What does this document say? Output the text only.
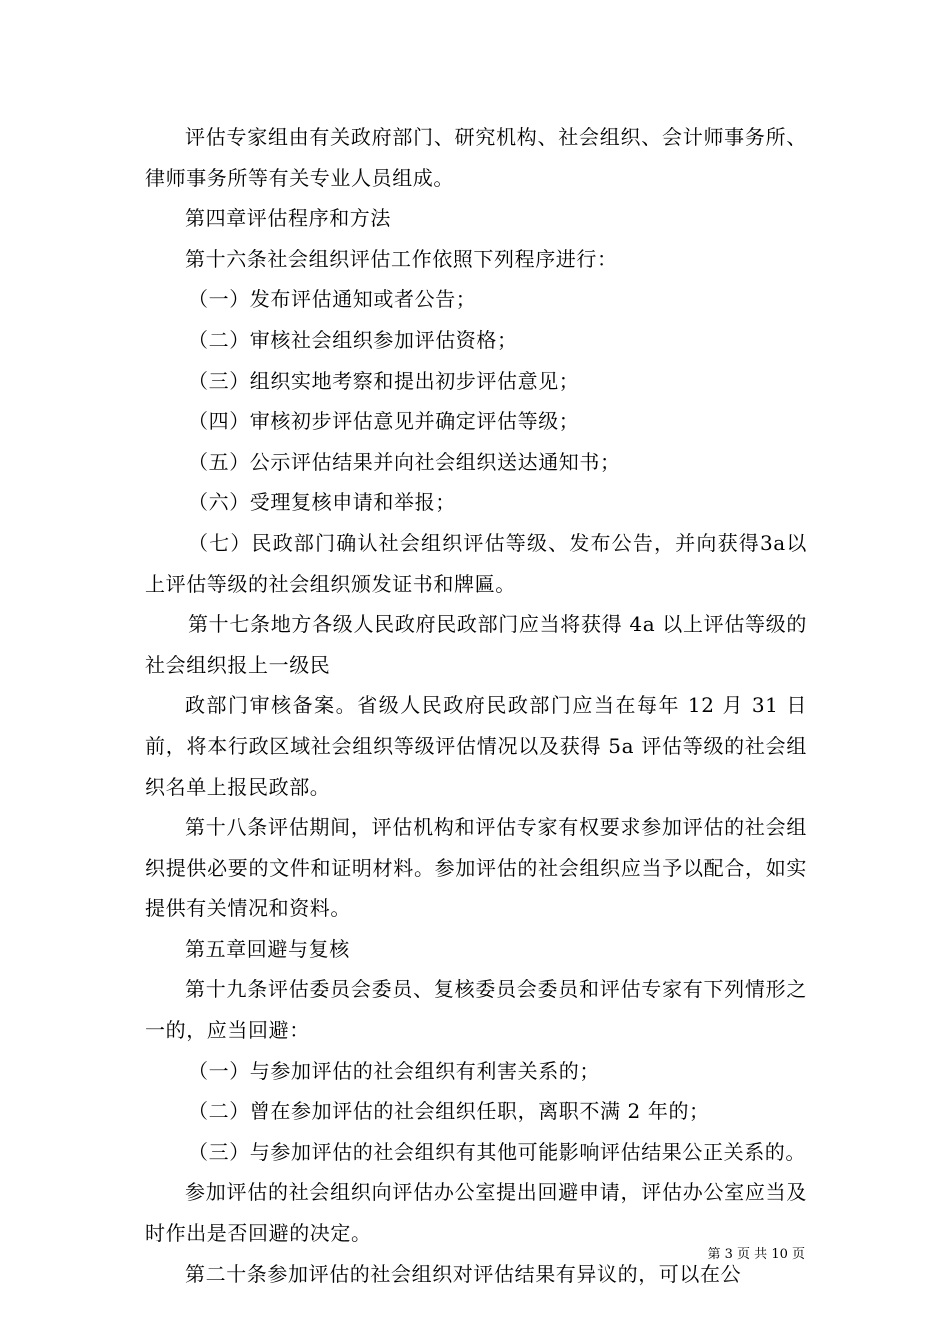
评估专家组由有关政府部门、研究机构、社会组织、会计师事务所、律师事务所等有关专业人员组成。

第四章评估程序和方法

第十六条社会组织评估工作依照下列程序进行：

（一）发布评估通知或者公告；

（二）审核社会组织参加评估资格；

（三）组织实地考察和提出初步评估意见；

（四）审核初步评估意见并确定评估等级；

（五）公示评估结果并向社会组织送达通知书；

（六）受理复核申请和举报；

（七）民政部门确认社会组织评估等级、发布公告，并向获得3a以上评估等级的社会组织颁发证书和牌匾。

第十七条地方各级人民政府民政部门应当将获得 4a 以上评估等级的社会组织报上一级民

政部门审核备案。省级人民政府民政部门应当在每年 12 月 31 日前，将本行政区域社会组织等级评估情况以及获得 5a 评估等级的社会组织名单上报民政部。

第十八条评估期间，评估机构和评估专家有权要求参加评估的社会组织提供必要的文件和证明材料。参加评估的社会组织应当予以配合，如实提供有关情况和资料。

第五章回避与复核

第十九条评估委员会委员、复核委员会委员和评估专家有下列情形之一的，应当回避：

（一）与参加评估的社会组织有利害关系的；

（二）曾在参加评估的社会组织任职，离职不满 2 年的；

（三）与参加评估的社会组织有其他可能影响评估结果公正关系的。

参加评估的社会组织向评估办公室提出回避申请，评估办公室应当及时作出是否回避的决定。

第二十条参加评估的社会组织对评估结果有异议的，可以在公

第 3 页 共 10 页
